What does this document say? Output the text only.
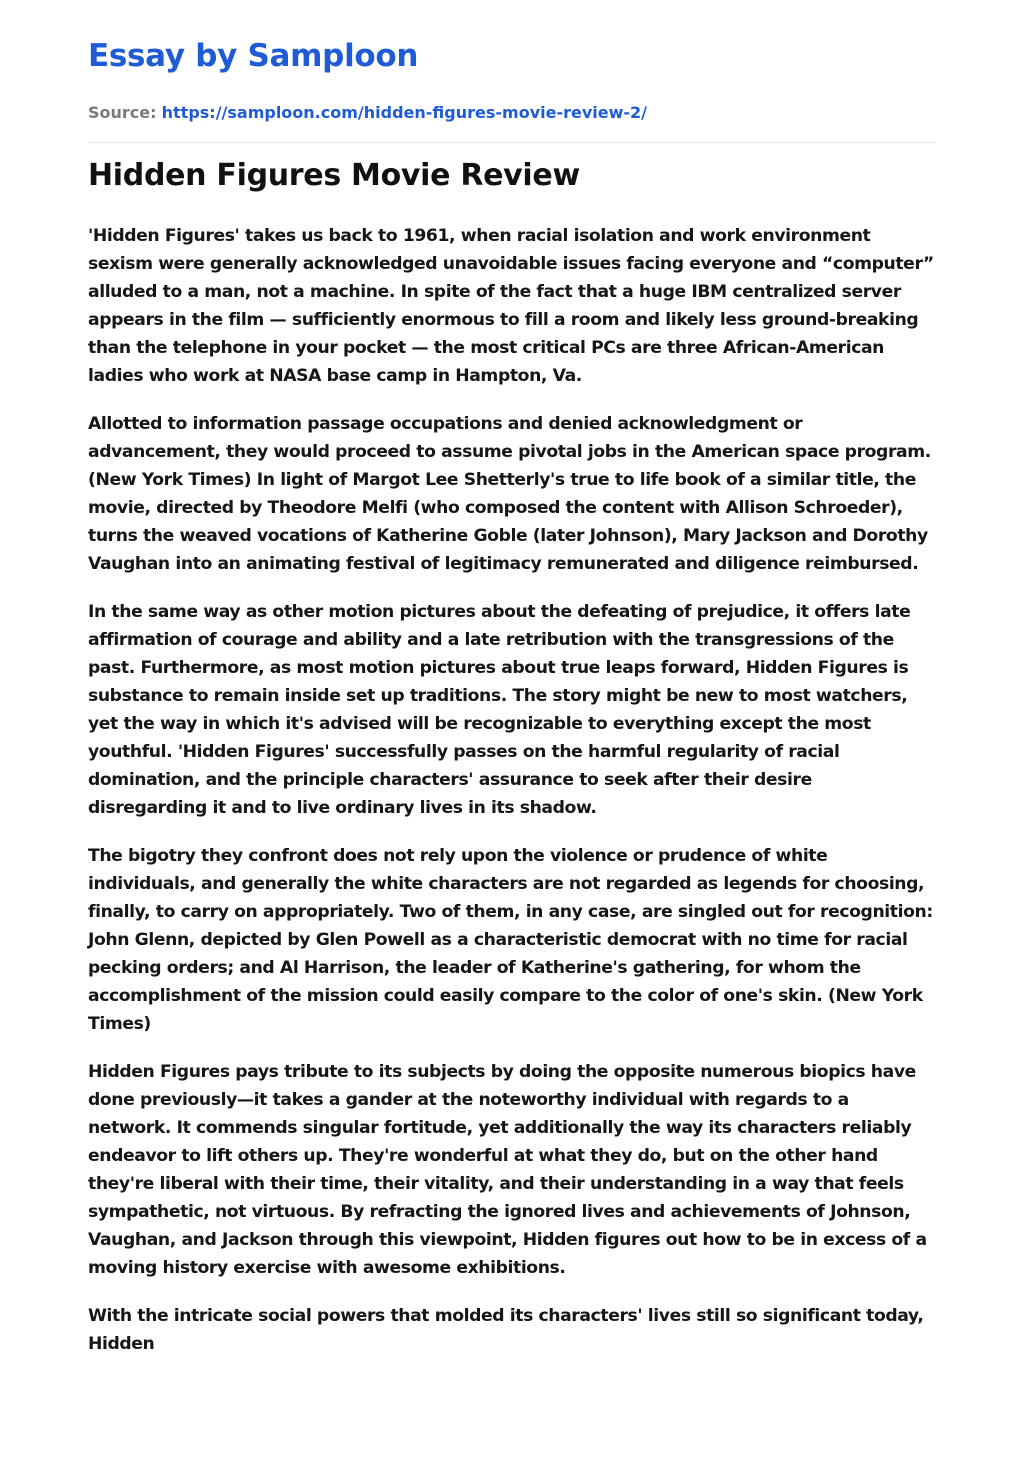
Essay by Samploon
Source: https://samploon.com/hidden-figures-movie-review-2/
Hidden Figures Movie Review

'Hidden Figures' takes us back to 1961, when racial isolation and work environment sexism were generally acknowledged unavoidable issues facing everyone and “computer” alluded to a man, not a machine. In spite of the fact that a huge IBM centralized server appears in the film — sufficiently enormous to fill a room and likely less ground-breaking than the telephone in your pocket — the most critical PCs are three African-American ladies who work at NASA base camp in Hampton, Va.

Allotted to information passage occupations and denied acknowledgment or advancement, they would proceed to assume pivotal jobs in the American space program. (New York Times) In light of Margot Lee Shetterly's true to life book of a similar title, the movie, directed by Theodore Melfi (who composed the content with Allison Schroeder), turns the weaved vocations of Katherine Goble (later Johnson), Mary Jackson and Dorothy Vaughan into an animating festival of legitimacy remunerated and diligence reimbursed.

In the same way as other motion pictures about the defeating of prejudice, it offers late affirmation of courage and ability and a late retribution with the transgressions of the past. Furthermore, as most motion pictures about true leaps forward, Hidden Figures is substance to remain inside set up traditions. The story might be new to most watchers, yet the way in which it's advised will be recognizable to everything except the most youthful. 'Hidden Figures' successfully passes on the harmful regularity of racial domination, and the principle characters' assurance to seek after their desire disregarding it and to live ordinary lives in its shadow.

The bigotry they confront does not rely upon the violence or prudence of white individuals, and generally the white characters are not regarded as legends for choosing, finally, to carry on appropriately. Two of them, in any case, are singled out for recognition: John Glenn, depicted by Glen Powell as a characteristic democrat with no time for racial pecking orders; and Al Harrison, the leader of Katherine's gathering, for whom the accomplishment of the mission could easily compare to the color of one's skin. (New York Times)

Hidden Figures pays tribute to its subjects by doing the opposite numerous biopics have done previously—it takes a gander at the noteworthy individual with regards to a network. It commends singular fortitude, yet additionally the way its characters reliably endeavor to lift others up. They're wonderful at what they do, but on the other hand they're liberal with their time, their vitality, and their understanding in a way that feels sympathetic, not virtuous. By refracting the ignored lives and achievements of Johnson, Vaughan, and Jackson through this viewpoint, Hidden figures out how to be in excess of a moving history exercise with awesome exhibitions.

With the intricate social powers that molded its characters' lives still so significant today, Hidden
